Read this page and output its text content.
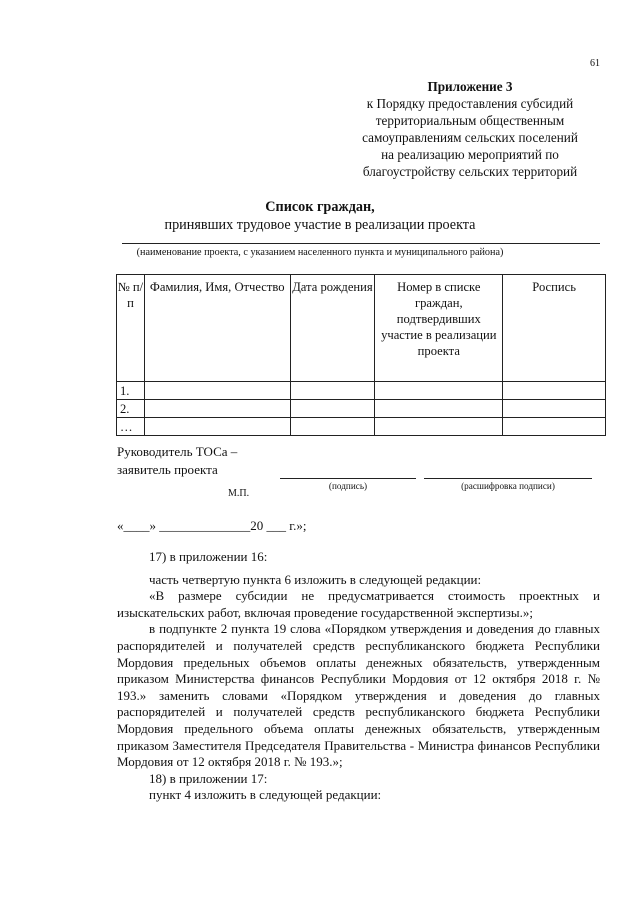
61
Приложение 3
к Порядку предоставления субсидий
территориальным общественным
самоуправлениям сельских поселений
на реализацию мероприятий по
благоустройству сельских территорий
Список граждан,
принявших трудовое участие в реализации проекта
(наименование проекта, с указанием населенного пункта и муниципального района)
№ п/п	Фамилия, Имя, Отчество	Дата рождения	Номер в списке граждан, подтвердивших участие в реализации проекта	Роспись
1.				
2.				
…				
Руководитель ТОСа –
заявитель проекта
(подпись)	(расшифровка подписи)
М.П.
«____» ______________20 ___ г.»;

17) в приложении 16:

часть четвертую пункта 6 изложить в следующей редакции:

«В размере субсидии не предусматривается стоимость проектных и изыскательских работ, включая проведение государственной экспертизы.»;

в подпункте 2 пункта 19 слова «Порядком утверждения и доведения до главных распорядителей и получателей средств республиканского бюджета Республики Мордовия предельных объемов оплаты денежных обязательств, утвержденным приказом Министерства финансов Республики Мордовия от 12 октября 2018 г. № 193.» заменить словами «Порядком утверждения и доведения до главных распорядителей и получателей средств республиканского бюджета Республики Мордовия предельного объема оплаты денежных обязательств, утвержденным приказом Заместителя Председателя Правительства - Министра финансов Республики Мордовия от 12 октября 2018 г. № 193.»;

18) в приложении 17:

пункт 4 изложить в следующей редакции:
